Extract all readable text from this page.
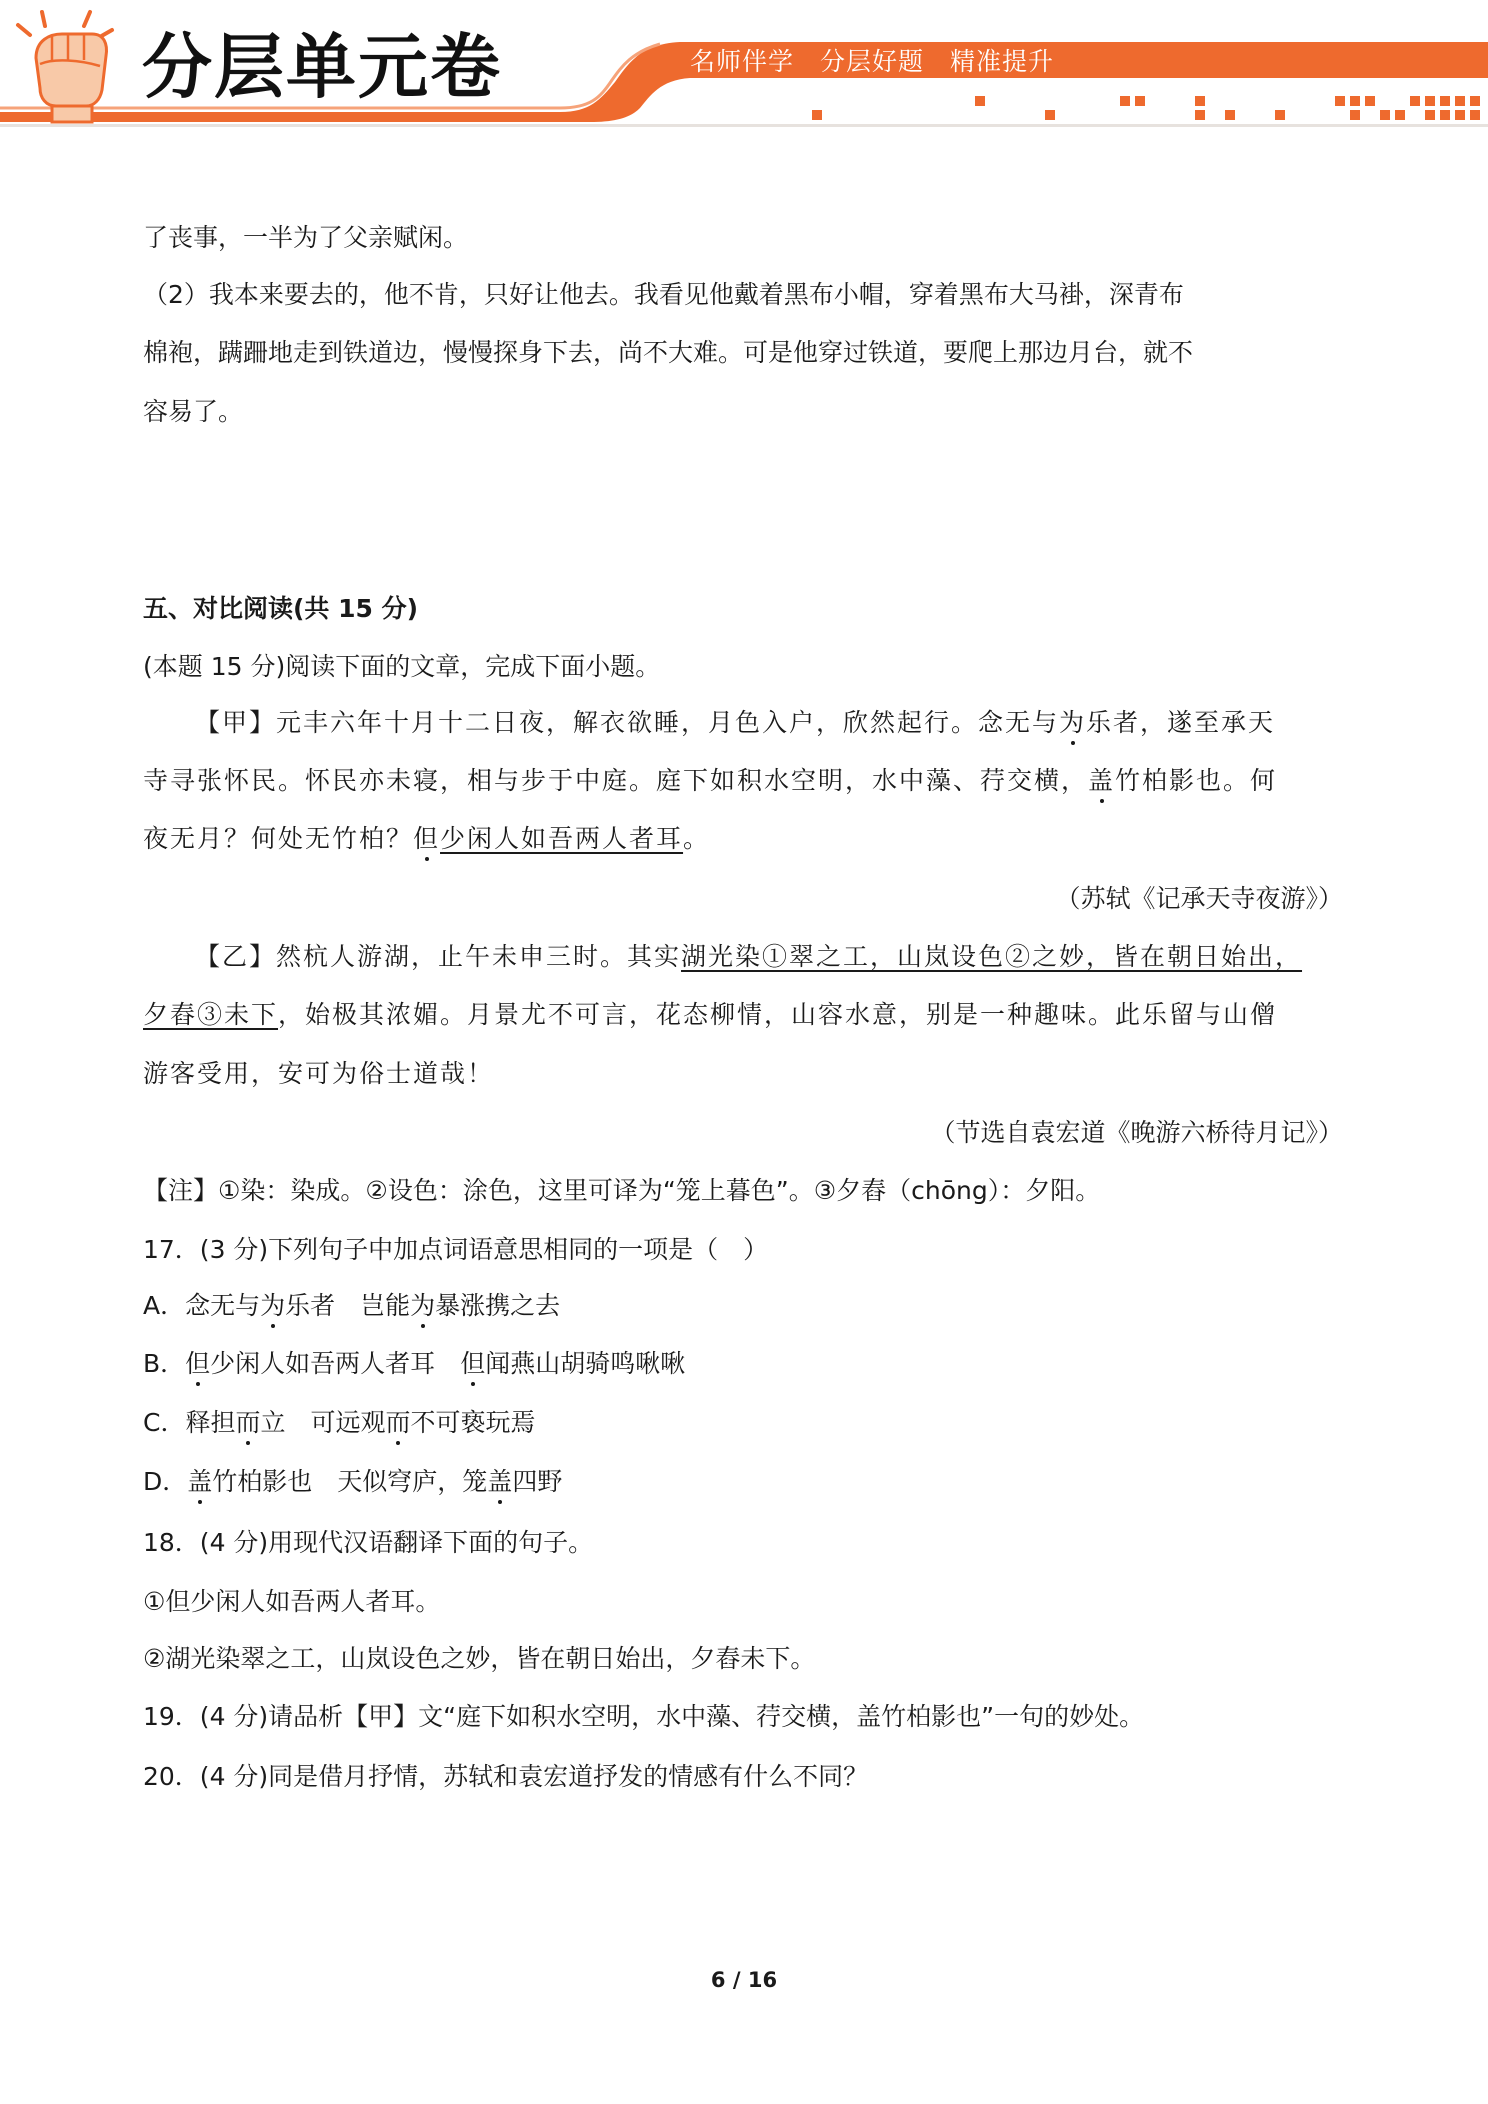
分层单元卷	名师伴学　分层好题　精准提升
了丧事，一半为了父亲赋闲。
（2）我本来要去的，他不肯，只好让他去。我看见他戴着黑布小帽，穿着黑布大马褂，深青布
棉袍，蹒跚地走到铁道边，慢慢探身下去，尚不大难。可是他穿过铁道，要爬上那边月台，就不
容易了。
五、对比阅读(共 15 分)
(本题 15 分)阅读下面的文章，完成下面小题。
【甲】元丰六年十月十二日夜，解衣欲睡，月色入户，欣然起行。念无与为乐者，遂至承天
寺寻张怀民。怀民亦未寝，相与步于中庭。庭下如积水空明，水中藻、荇交横，盖竹柏影也。何
夜无月？何处无竹柏？但少闲人如吾两人者耳。
（苏轼《记承天寺夜游》）
【乙】然杭人游湖，止午未申三时。其实湖光染①翠之工，山岚设色②之妙，皆在朝日始出，
夕舂③未下，始极其浓媚。月景尤不可言，花态柳情，山容水意，别是一种趣味。此乐留与山僧
游客受用，安可为俗士道哉！
（节选自袁宏道《晚游六桥待月记》）
【注】①染：染成。②设色：涂色，这里可译为“笼上暮色”。③夕舂（chōng）：夕阳。
17．(3 分)下列句子中加点词语意思相同的一项是（　）
A．念无与为乐者　岂能为暴涨携之去
B．但少闲人如吾两人者耳　但闻燕山胡骑鸣啾啾
C．释担而立　可远观而不可亵玩焉
D．盖竹柏影也　天似穹庐，笼盖四野
18．(4 分)用现代汉语翻译下面的句子。
①但少闲人如吾两人者耳。
②湖光染翠之工，山岚设色之妙，皆在朝日始出，夕舂未下。
19．(4 分)请品析【甲】文“庭下如积水空明，水中藻、荇交横，盖竹柏影也”一句的妙处。
20．(4 分)同是借月抒情，苏轼和袁宏道抒发的情感有什么不同？
6 / 16
